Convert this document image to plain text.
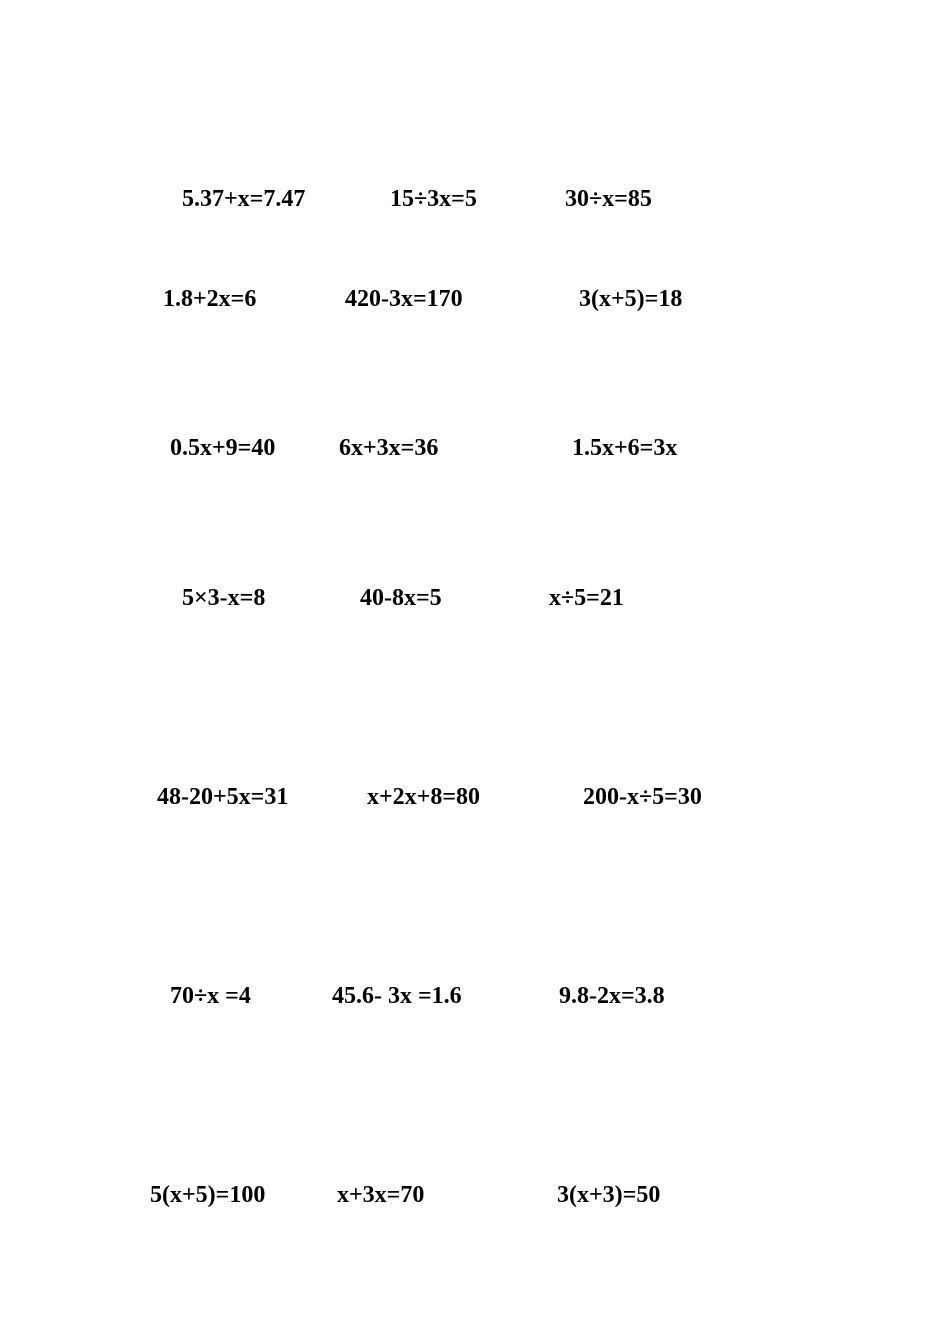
5.37+x=7.47	15÷3x=5	30÷x=85
1.8+2x=6	420-3x=170	3(x+5)=18
0.5x+9=40	6x+3x=36	1.5x+6=3x
5×3-x=8	40-8x=5	x÷5=21
48-20+5x=31	x+2x+8=80	200-x÷5=30
70÷x =4	45.6- 3x =1.6	9.8-2x=3.8
5(x+5)=100	x+3x=70	3(x+3)=50
